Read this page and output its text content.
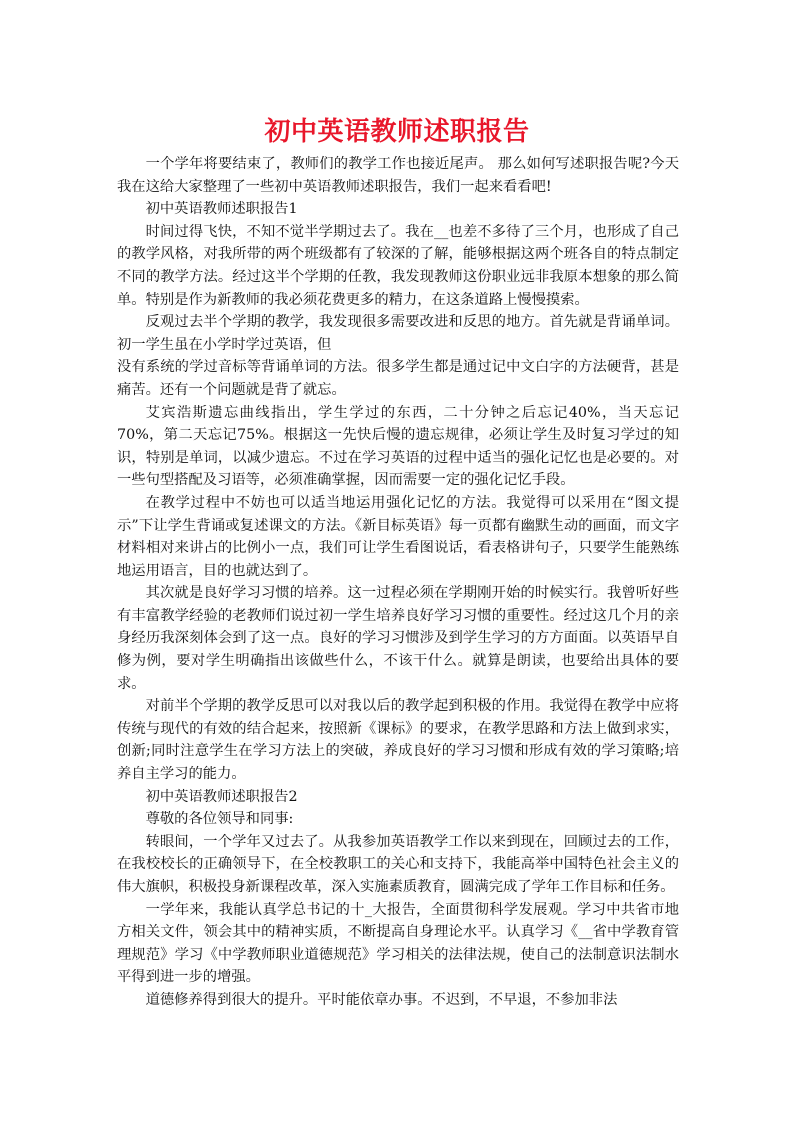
初中英语教师述职报告

一个学年将要结束了，教师们的教学工作也接近尾声。 那么如何写述职报告呢?今天我在这给大家整理了一些初中英语教师述职报告，我们一起来看看吧!

初中英语教师述职报告1

时间过得飞快，不知不觉半学期过去了。我在__也差不多待了三个月，也形成了自己的教学风格，对我所带的两个班级都有了较深的了解，能够根据这两个班各自的特点制定不同的教学方法。经过这半个学期的任教，我发现教师这份职业远非我原本想象的那么简单。特别是作为新教师的我必须花费更多的精力，在这条道路上慢慢摸索。

反观过去半个学期的教学，我发现很多需要改进和反思的地方。首先就是背诵单词。初一学生虽在小学时学过英语，但

没有系统的学过音标等背诵单词的方法。很多学生都是通过记中文白字的方法硬背，甚是痛苦。还有一个问题就是背了就忘。

艾宾浩斯遗忘曲线指出，学生学过的东西，二十分钟之后忘记40%，当天忘记70%，第二天忘记75%。根据这一先快后慢的遗忘规律，必须让学生及时复习学过的知识，特别是单词，以减少遗忘。不过在学习英语的过程中适当的强化记忆也是必要的。对一些句型搭配及习语等，必须准确掌握，因而需要一定的强化记忆手段。

在教学过程中不妨也可以适当地运用强化记忆的方法。我觉得可以采用在“图文提示”下让学生背诵或复述课文的方法。《新目标英语》每一页都有幽默生动的画面，而文字材料相对来讲占的比例小一点，我们可让学生看图说话，看表格讲句子，只要学生能熟练地运用语言，目的也就达到了。

其次就是良好学习习惯的培养。这一过程必须在学期刚开始的时候实行。我曾听好些有丰富教学经验的老教师们说过初一学生培养良好学习习惯的重要性。经过这几个月的亲身经历我深刻体会到了这一点。良好的学习习惯涉及到学生学习的方方面面。以英语早自修为例，要对学生明确指出该做些什么，不该干什么。就算是朗读，也要给出具体的要求。

对前半个学期的教学反思可以对我以后的教学起到积极的作用。我觉得在教学中应将传统与现代的有效的结合起来，按照新《课标》的要求，在教学思路和方法上做到求实，创新;同时注意学生在学习方法上的突破，养成良好的学习习惯和形成有效的学习策略;培养自主学习的能力。

初中英语教师述职报告2

尊敬的各位领导和同事:

转眼间，一个学年又过去了。从我参加英语教学工作以来到现在，回顾过去的工作，在我校校长的正确领导下，在全校教职工的关心和支持下，我能高举中国特色社会主义的伟大旗帜，积极投身新课程改革，深入实施素质教育，圆满完成了学年工作目标和任务。

一学年来，我能认真学总书记的十_大报告，全面贯彻科学发展观。学习中共省市地方相关文件，领会其中的精神实质，不断提高自身理论水平。认真学习《__省中学教育管理规范》学习《中学教师职业道德规范》学习相关的法律法规，使自己的法制意识法制水平得到进一步的增强。

道德修养得到很大的提升。平时能依章办事。不迟到，不早退，不参加非法
